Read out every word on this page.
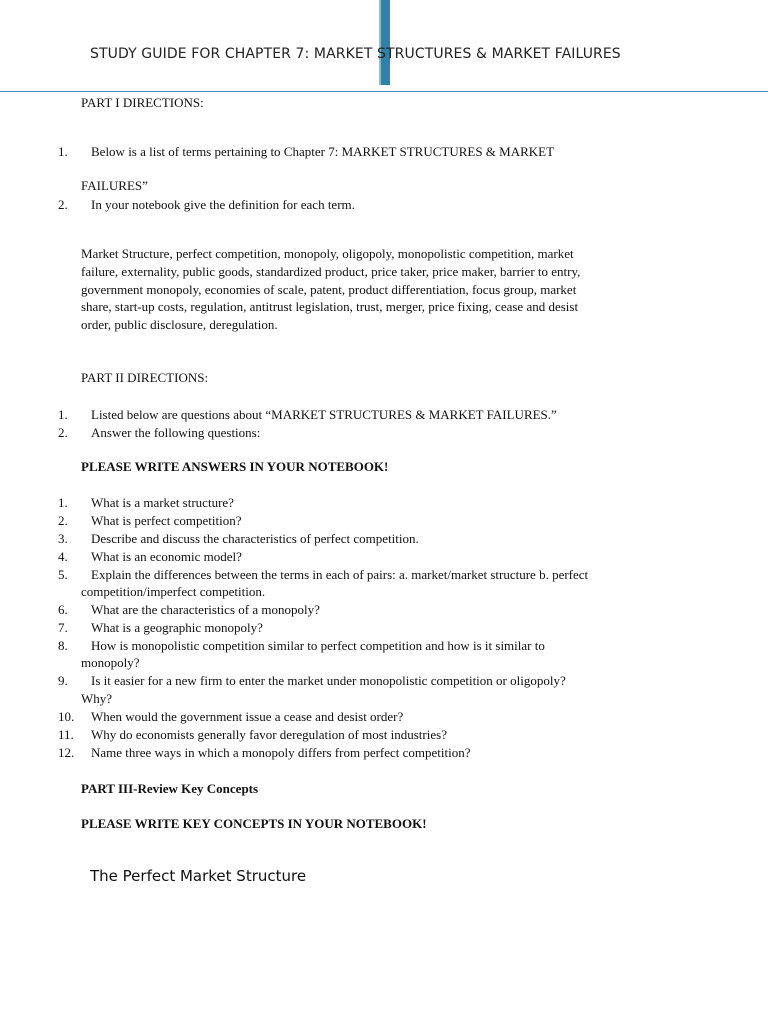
STUDY GUIDE FOR CHAPTER 7: MARKET STRUCTURES & MARKET FAILURES
PART I DIRECTIONS:
1. Below is a list of terms pertaining to Chapter 7: MARKET STRUCTURES & MARKET
FAILURES”
2. In your notebook give the definition for each term.
Market Structure, perfect competition, monopoly, oligopoly, monopolistic competition, market
failure, externality, public goods, standardized product, price taker, price maker, barrier to entry,
government monopoly, economies of scale, patent, product differentiation, focus group, market
share, start-up costs, regulation, antitrust legislation, trust, merger, price fixing, cease and desist
order, public disclosure, deregulation.
PART II DIRECTIONS:
1. Listed below are questions about “MARKET STRUCTURES & MARKET FAILURES.”
2. Answer the following questions:
PLEASE WRITE ANSWERS IN YOUR NOTEBOOK!
1. What is a market structure?
2. What is perfect competition?
3. Describe and discuss the characteristics of perfect competition.
4. What is an economic model?
5. Explain the differences between the terms in each of pairs: a. market/market structure b. perfect
competition/imperfect competition.
6. What are the characteristics of a monopoly?
7. What is a geographic monopoly?
8. How is monopolistic competition similar to perfect competition and how is it similar to
monopoly?
9. Is it easier for a new firm to enter the market under monopolistic competition or oligopoly?
Why?
10. When would the government issue a cease and desist order?
11. Why do economists generally favor deregulation of most industries?
12. Name three ways in which a monopoly differs from perfect competition?
PART III-Review Key Concepts
PLEASE WRITE KEY CONCEPTS IN YOUR NOTEBOOK!
The Perfect Market Structure
